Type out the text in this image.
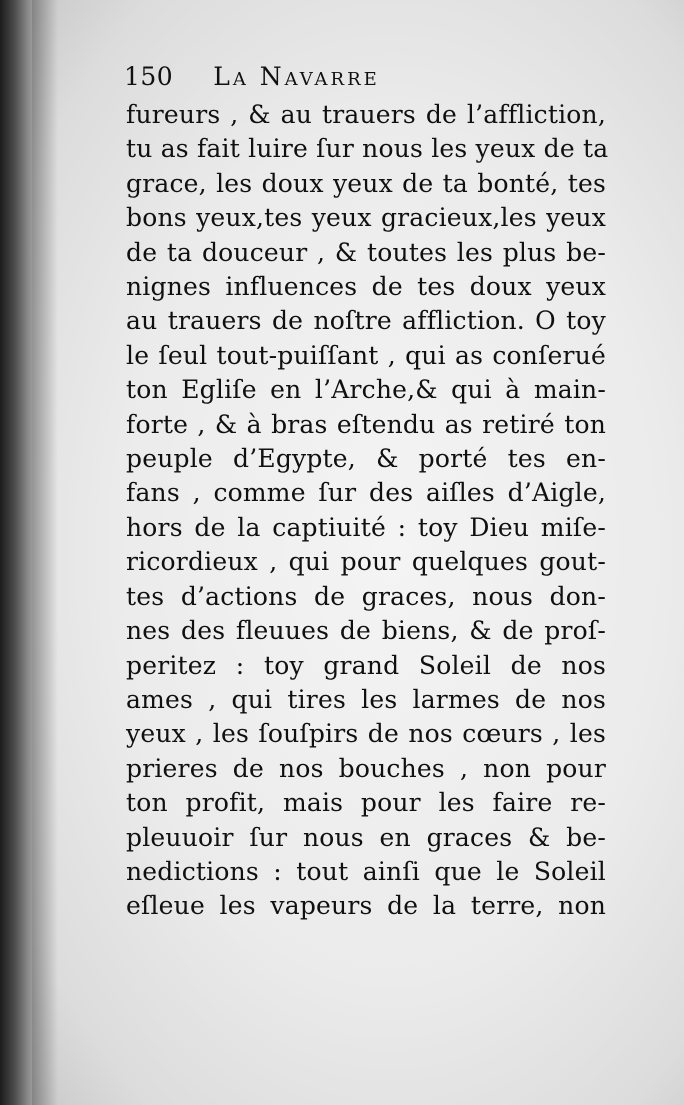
150 La Navarre
fureurs , & au trauers de l’affliction,
tu as fait luire ſur nous les yeux de ta
grace, les doux yeux de ta bonté, tes
bons yeux,tes yeux gracieux,les yeux
de ta douceur , & toutes les plus be-
nignes influences de tes doux yeux
au trauers de noſtre affliction. O toy
le ſeul tout-puiſſant , qui as conſerué
ton Egliſe en l’Arche,& qui à main-
forte , & à bras eſtendu as retiré ton
peuple d’Egypte, & porté tes en-
fans , comme ſur des aiſles d’Aigle,
hors de la captiuité : toy Dieu miſe-
ricordieux , qui pour quelques gout-
tes d’actions de graces, nous don-
nes des fleuues de biens, & de proſ-
peritez : toy grand Soleil de nos
ames , qui tires les larmes de nos
yeux , les ſouſpirs de nos cœurs , les
prieres de nos bouches , non pour
ton profit, mais pour les faire re-
pleuuoir ſur nous en graces & be-
nedictions : tout ainſi que le Soleil
eſleue les vapeurs de la terre, non
